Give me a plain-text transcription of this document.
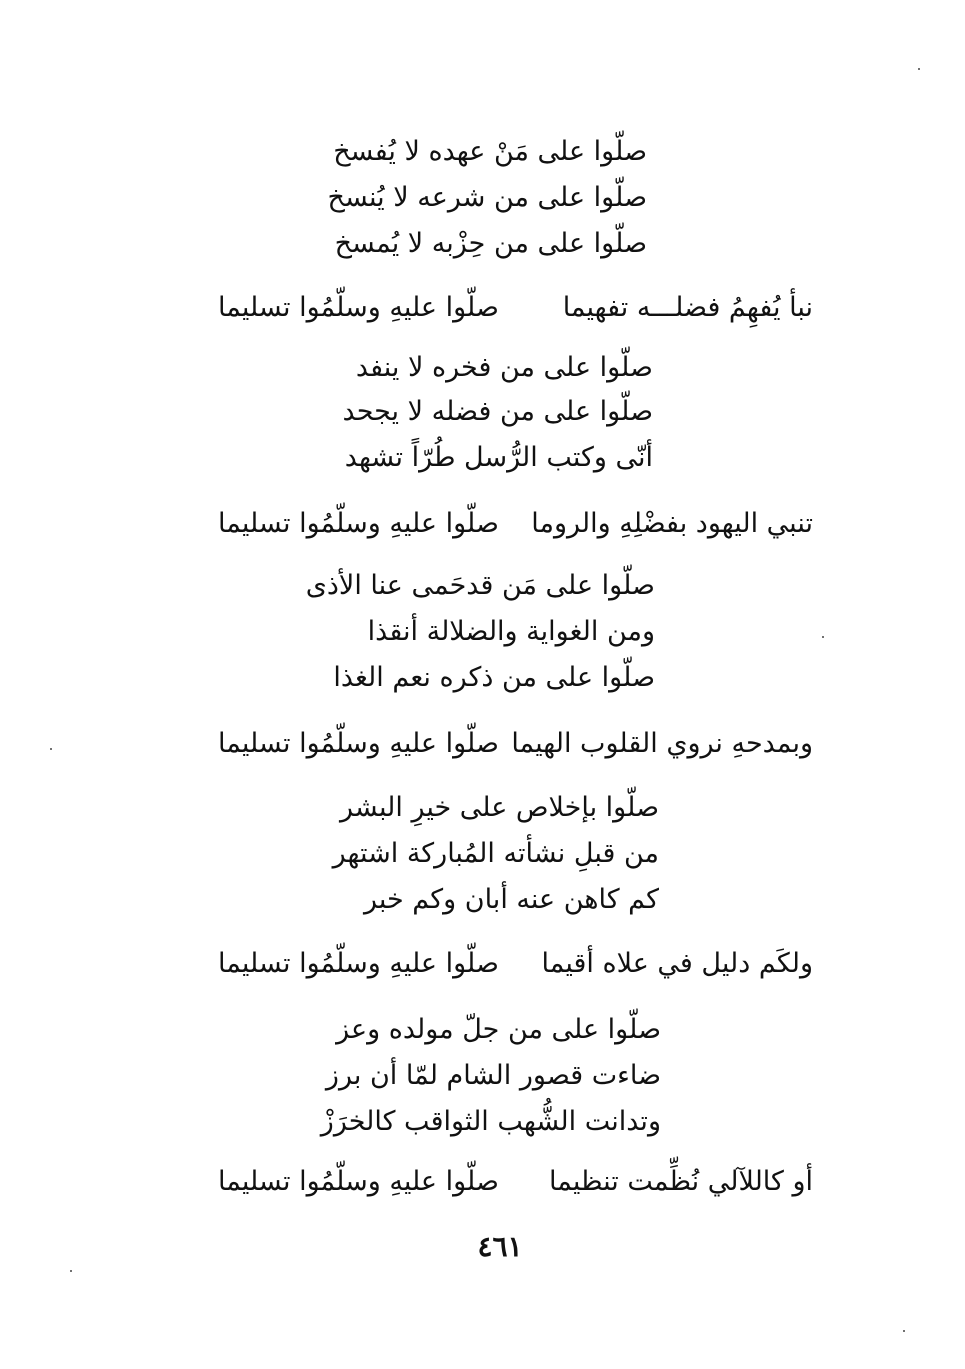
صلّوا على مَنْ عهده لا يُفسخ
صلّوا على من شرعه لا يُنسخ
صلّوا على من حِزْبه لا يُمسخ
نبأ يُفهِمُ فضلـــه تفهيما
صلّوا عليهِ وسلّمُوا تسليما
صلّوا على من فخره لا ينفد
صلّوا على من فضله لا يجحد
أنّى وكتب الرُّسل طُرّاً تشهد
تنبي اليهود بفضْلِهِ والروما
صلّوا عليهِ وسلّمُوا تسليما
صلّوا على مَن قدحَمى عنا الأذى
ومن الغواية والضلالة أنقذا
صلّوا على من ذكره نعم الغذا
وبمدحهِ نروي القلوب الهيما
صلّوا عليهِ وسلّمُوا تسليما
صلّوا بإخلاص على خيرِ البشر
من قبلِ نشأته المُباركة اشتهر
كم كاهن عنه أبان وكم خبر
ولكَم دليل في علاه أقيما
صلّوا عليهِ وسلّمُوا تسليما
صلّوا على من جلّ مولده وعز
ضاءت قصور الشام لمّا أن برز
وتدانت الشُّهب الثواقب كالخرَزْ
أو كاللآلي نُظِّمت تنظيما
صلّوا عليهِ وسلّمُوا تسليما
٤٦١
